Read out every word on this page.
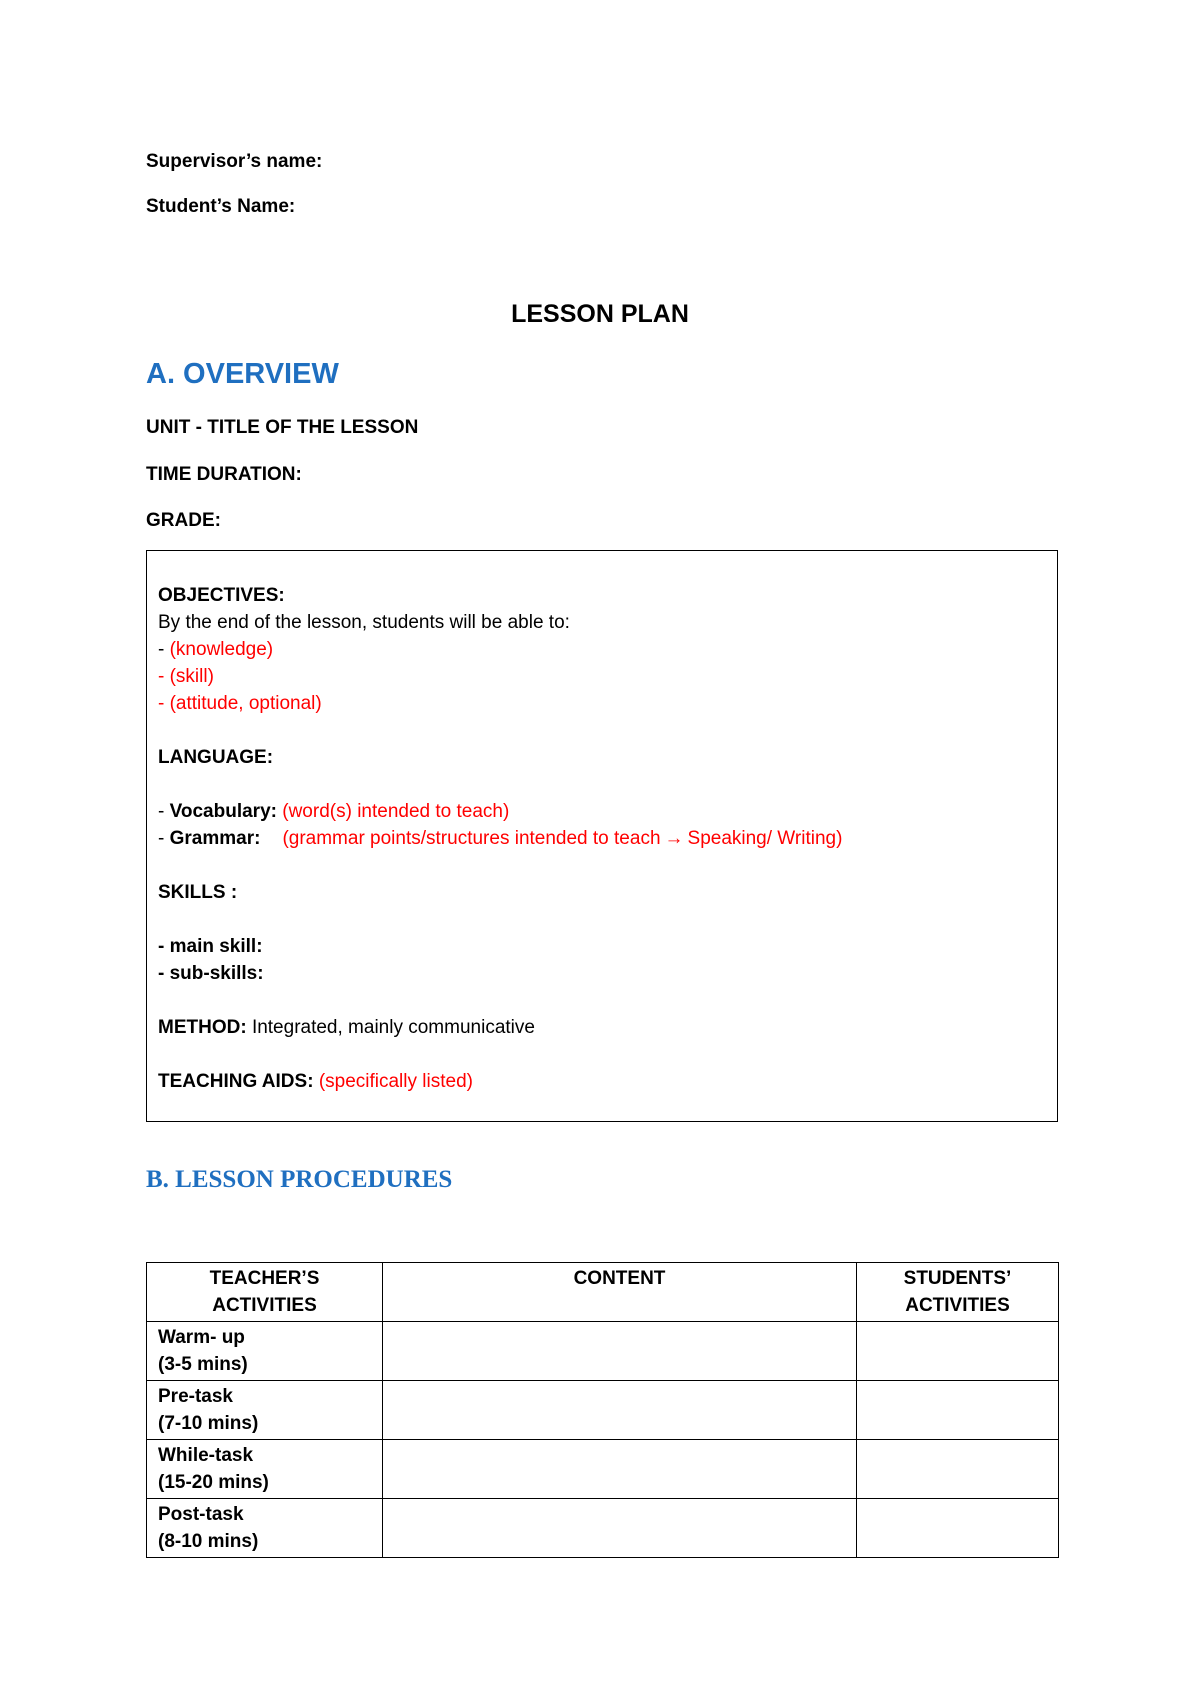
Supervisor’s name:
Student’s Name:
LESSON PLAN
A. OVERVIEW
UNIT - TITLE OF THE LESSON
TIME DURATION:
GRADE:
OBJECTIVES:
By the end of the lesson, students will be able to:
- (knowledge)
- (skill)
- (attitude, optional)
LANGUAGE:
- Vocabulary: (word(s) intended to teach)
- Grammar: (grammar points/structures intended to teach → Speaking/ Writing)
SKILLS :
- main skill:
- sub-skills:
METHOD: Integrated, mainly communicative
TEACHING AIDS: (specifically listed)
B. LESSON PROCEDURES
TEACHER’S ACTIVITIES	CONTENT	STUDENTS’ ACTIVITIES

Warm- up
(3-5 mins)		

Pre-task
(7-10 mins)		

While-task
(15-20 mins)		

Post-task
(8-10 mins)		
